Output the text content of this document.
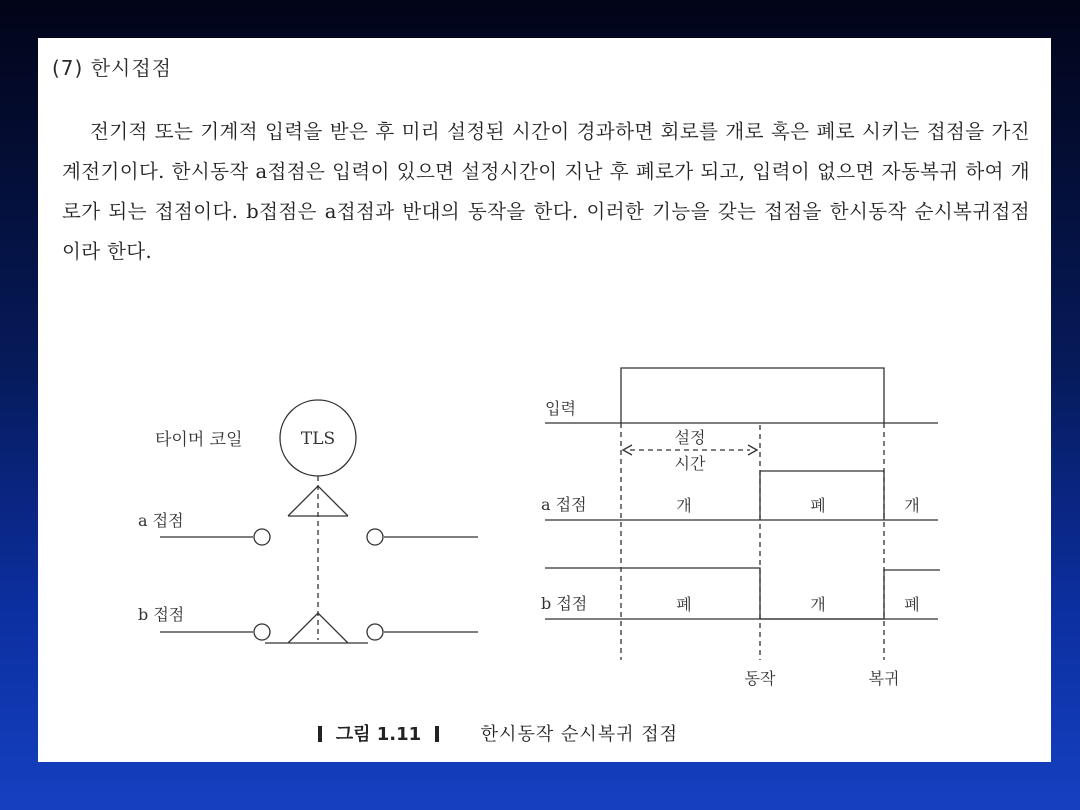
(7) 한시접점

전기적 또는 기계적 입력을 받은 후 미리 설정된 시간이 경과하면 회로를 개로 혹은 폐로 시키는 접점을 가진 계전기이다. 한시동작 a접점은 입력이 있으면 설정시간이 지난 후 폐로가 되고, 입력이 없으면 자동복귀 하여 개로가 되는 접점이다. b접점은 a접점과 반대의 동작을 한다. 이러한 기능을 갖는 접점을 한시동작 순시복귀접점이라 한다.

타이머 코일	TLS
a 접점
b 접점
입력
설정
시간
a 접점	개	폐	개
b 접점	폐	개	폐
동작	복귀
그림 1.11	한시동작 순시복귀 접점
